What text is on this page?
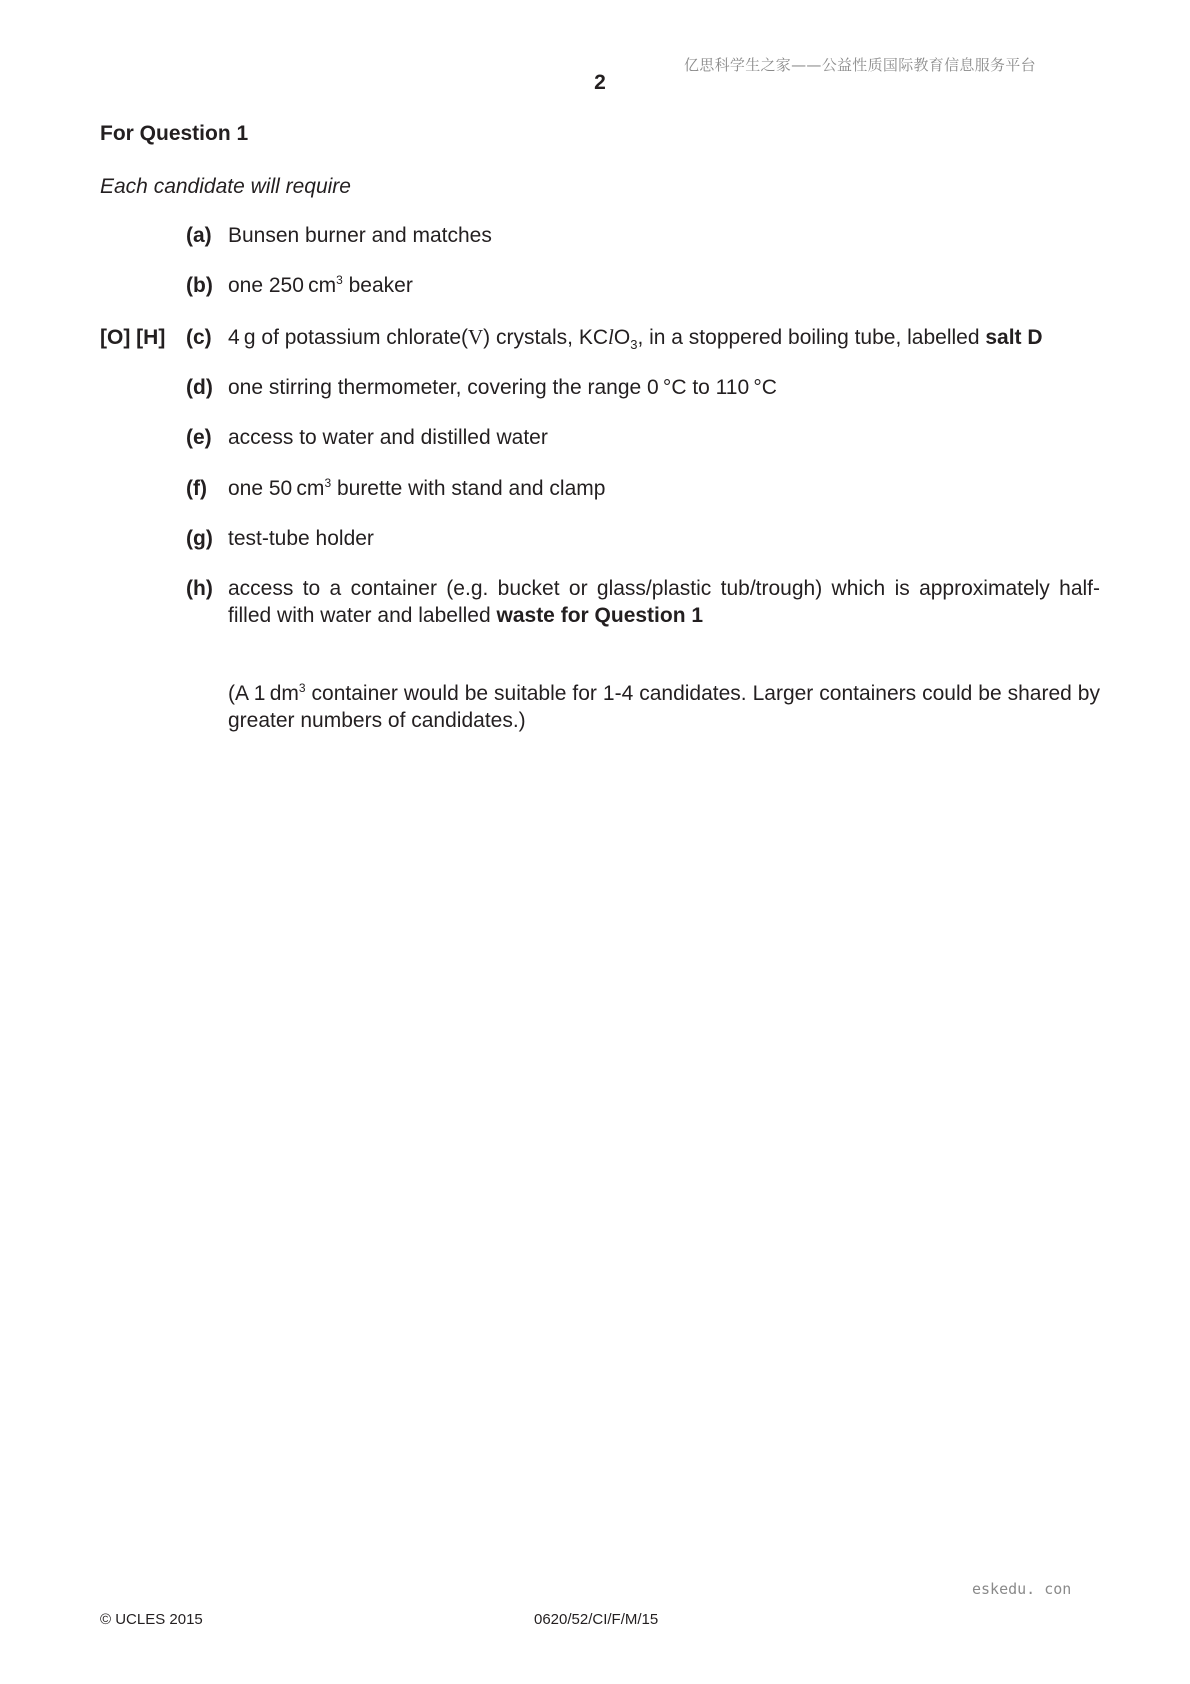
亿思科学生之家——公益性质国际教育信息服务平台
2
For Question 1
Each candidate will require
(a) Bunsen burner and matches
(b) one 250 $cm^3$ beaker
[O] [H] (c) 4 g of potassium chlorate(V) crystals, KClO$_3$, in a stoppered boiling tube, labelled salt D
(d) one stirring thermometer, covering the range 0 °C to 110 °C
(e) access to water and distilled water
(f) one 50 $cm^3$ burette with stand and clamp
(g) test-tube holder
(h) access to a container (e.g. bucket or glass/plastic tub/trough) which is approximately half-filled with water and labelled waste for Question 1
(A 1 $dm^3$ container would be suitable for 1-4 candidates. Larger containers could be shared by greater numbers of candidates.)
eskedu. con
© UCLES 2015	0620/52/CI/F/M/15
